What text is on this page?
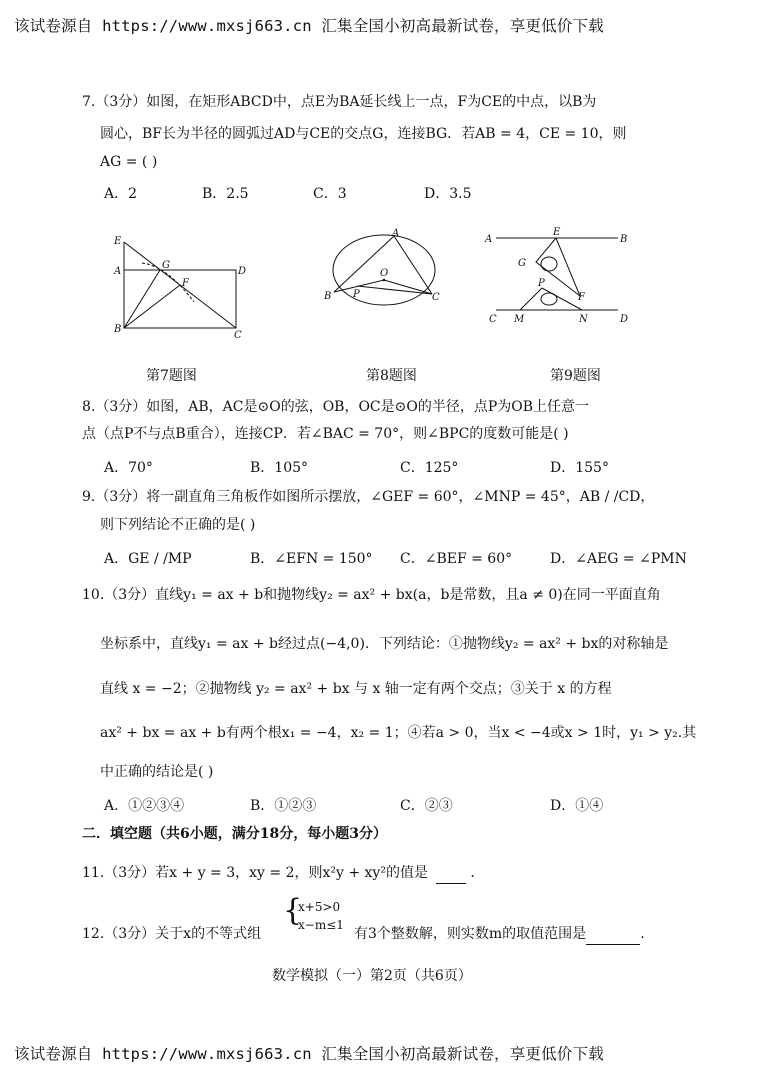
该试卷源自 https://www.mxsj663.cn 汇集全国小初高最新试卷，享更低价下载
7.（3分）如图，在矩形ABCD中，点E为BA延长线上一点，F为CE的中点，以B为
圆心，BF长为半径的圆弧过AD与CE的交点G，连接BG．若AB = 4，CE = 10，则
AG = ( )
A．2	B．2.5	C．3	D．3.5
E
A
G
D
F
B
C
A
O
B P	C
A
E
B
G
P
F
C M	N	D
第7题图	第8题图	第9题图
8.（3分）如图，AB，AC是⊙O的弦，OB，OC是⊙O的半径，点P为OB上任意一
点（点P不与点B重合），连接CP．若∠BAC = 70°，则∠BPC的度数可能是( )
A．70°	B．105°	C．125°	D．155°
9.（3分）将一副直角三角板作如图所示摆放，∠GEF = 60°，∠MNP = 45°，AB / /CD，
则下列结论不正确的是( )
A．GE / /MP	B．∠EFN = 150° C．∠BEF = 60°	D．∠AEG = ∠PMN
10.（3分）直线y₁ = ax + b和抛物线y₂ = ax² + bx(a，b是常数，且a ≠ 0)在同一平面直角
坐标系中，直线y₁ = ax + b经过点(−4,0)．下列结论：①抛物线y₂ = ax² + bx的对称轴是
直线 x = −2；②抛物线 y₂ = ax² + bx 与 x 轴一定有两个交点；③关于 x 的方程
ax² + bx = ax + b有两个根x₁ = −4，x₂ = 1；④若a > 0，当x < −4或x > 1时，y₁ > y₂.其
中正确的结论是( )
A．①②③④	B．①②③	C．②③	D．①④
二．填空题（共6小题，满分18分，每小题3分）
11.（3分）若x + y = 3，xy = 2，则x²y + xy²的值是	．
12.（3分）关于x的不等式组
{
x+5>0
x−m≤1
有3个整数解，则实数m的取值范围是	.
数学模拟（一）第2页（共6页）
该试卷源自 https://www.mxsj663.cn 汇集全国小初高最新试卷，享更低价下载
